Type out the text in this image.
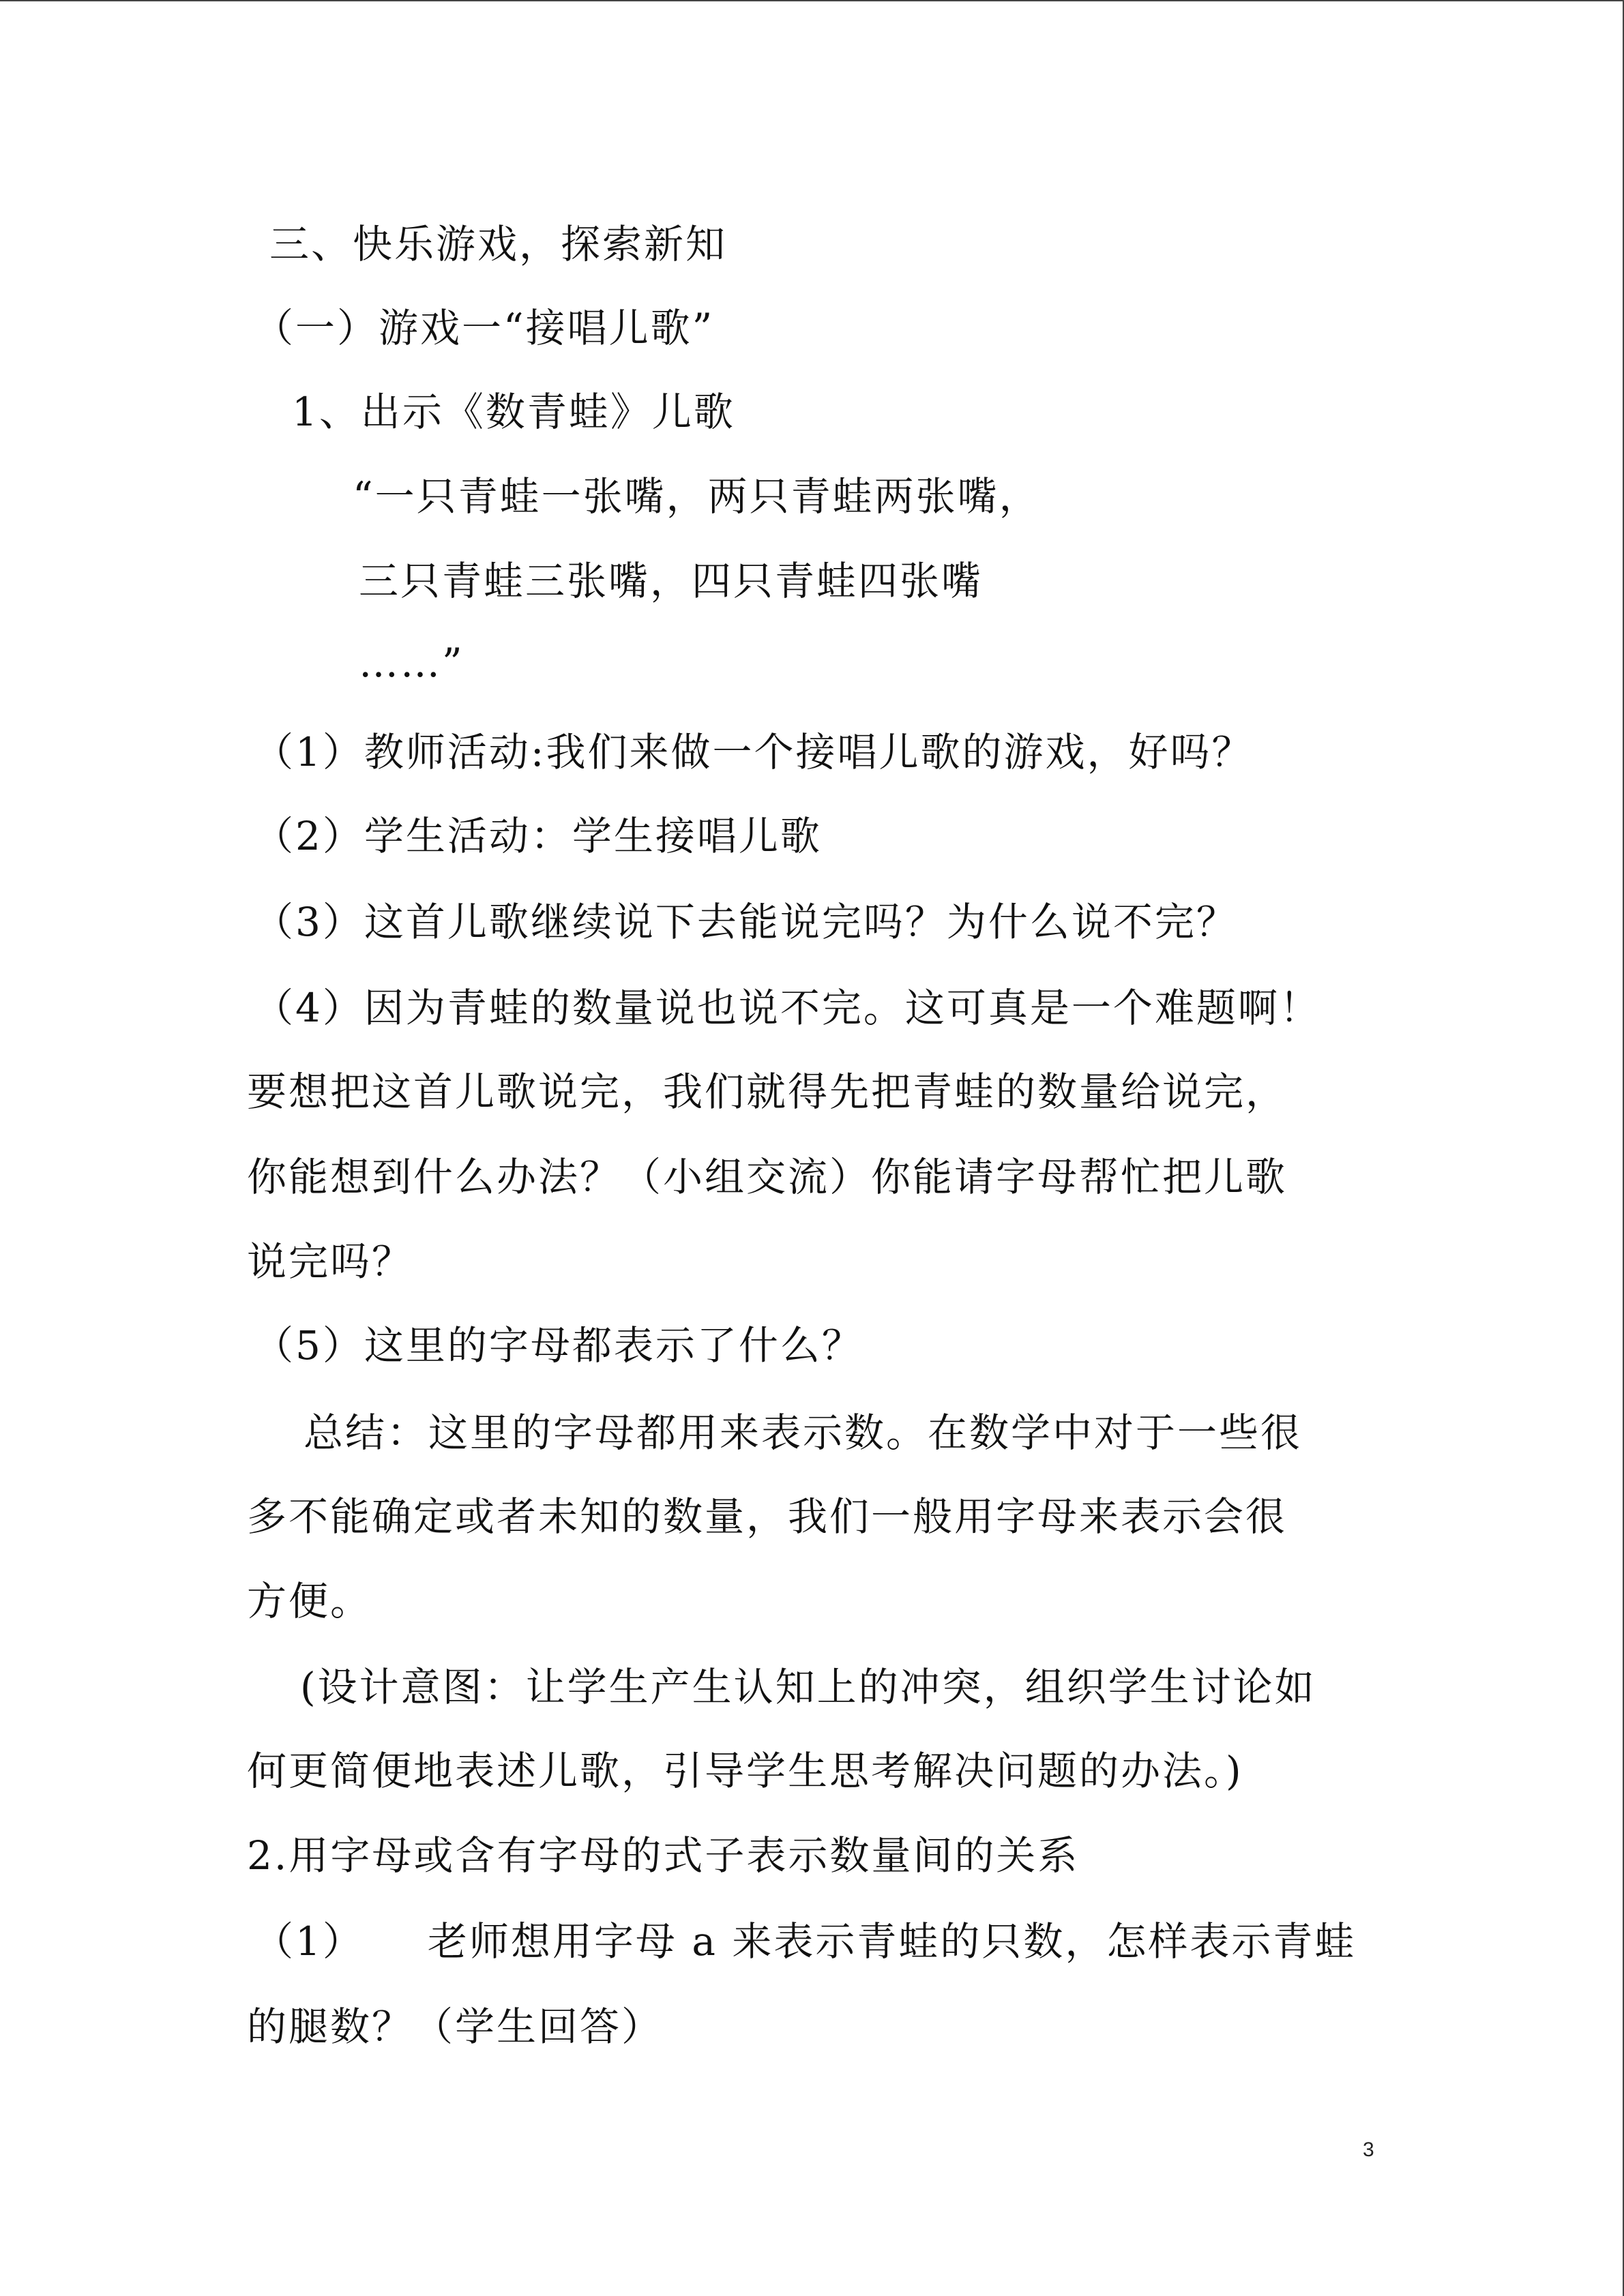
三、快乐游戏，探索新知
（一）游戏一“接唱儿歌”
1、出示《数青蛙》儿歌
“一只青蛙一张嘴，两只青蛙两张嘴，
三只青蛙三张嘴，四只青蛙四张嘴
……”
（1）教师活动:我们来做一个接唱儿歌的游戏，好吗？
（2）学生活动：学生接唱儿歌
（3）这首儿歌继续说下去能说完吗？为什么说不完？
（4）因为青蛙的数量说也说不完。这可真是一个难题啊！
要想把这首儿歌说完，我们就得先把青蛙的数量给说完，
你能想到什么办法？（小组交流）你能请字母帮忙把儿歌
说完吗？
（5）这里的字母都表示了什么？
总结：这里的字母都用来表示数。在数学中对于一些很
多不能确定或者未知的数量，我们一般用字母来表示会很
方便。
(设计意图：让学生产生认知上的冲突，组织学生讨论如
何更简便地表述儿歌，引导学生思考解决问题的办法。)
2.用字母或含有字母的式子表示数量间的关系
（1）　　老师想用字母 a 来表示青蛙的只数，怎样表示青蛙
的腿数？（学生回答）
3
